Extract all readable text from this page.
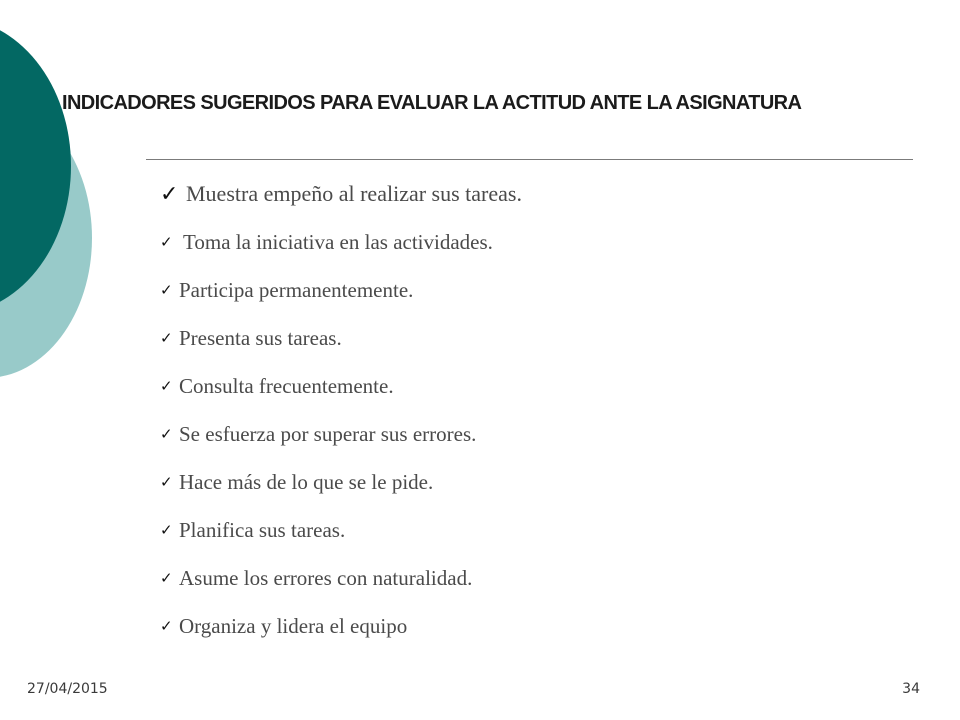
INDICADORES SUGERIDOS PARA EVALUAR LA ACTITUD ANTE LA ASIGNATURA
✓ Muestra empeño al realizar sus tareas.
✓ Toma la iniciativa en las actividades.
✓ Participa permanentemente.
✓ Presenta sus tareas.
✓ Consulta frecuentemente.
✓ Se esfuerza por superar sus errores.
✓ Hace más de lo que se le pide.
✓ Planifica sus tareas.
✓ Asume los errores con naturalidad.
✓ Organiza y lidera el equipo
27/04/2015	34
